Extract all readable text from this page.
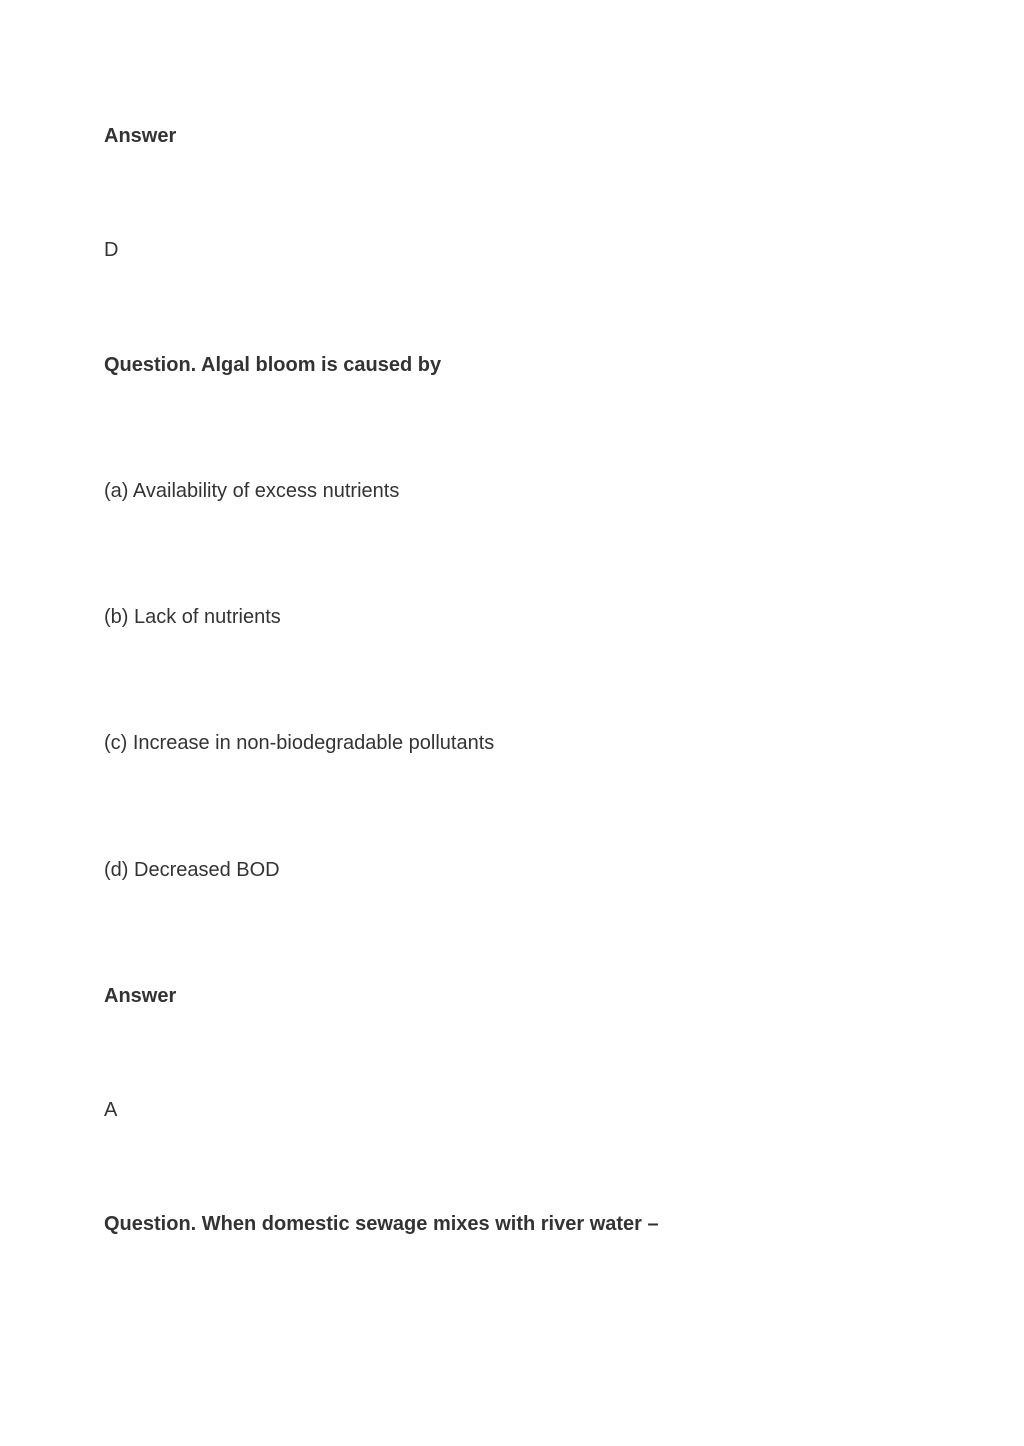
Answer
D
Question. Algal bloom is caused by
(a) Availability of excess nutrients
(b) Lack of nutrients
(c) Increase in non-biodegradable pollutants
(d) Decreased BOD
Answer
A
Question. When domestic sewage mixes with river water –
